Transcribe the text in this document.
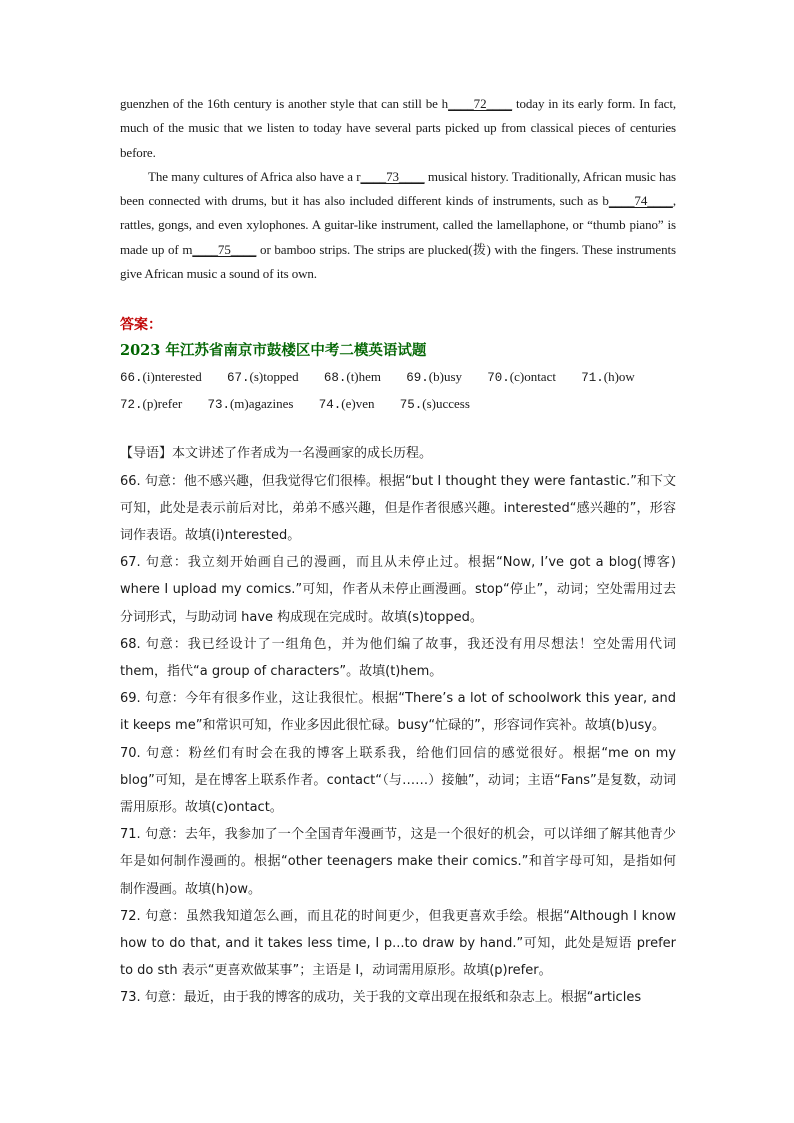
guenzhen of the 16th century is another style that can still be h____72____ today in its early form. In fact, much of the music that we listen to today have several parts picked up from classical pieces of centuries before.

The many cultures of Africa also have a r____73____ musical history. Traditionally, African music has been connected with drums, but it has also included different kinds of instruments, such as b____74____, rattles, gongs, and even xylophones. A guitar-like instrument, called the lamellaphone, or “thumb piano” is made up of m____75____ or bamboo strips. The strips are plucked(拨) with the fingers. These instruments give African music a sound of its own.

答案：
2023 年江苏省南京市鼓楼区中考二模英语试题
66.(i)nterested 67.(s)topped 68.(t)hem 69.(b)usy 70.(c)ontact 71.(h)ow
72.(p)refer 73.(m)agazines 74.(e)ven 75.(s)uccess

【导语】本文讲述了作者成为一名漫画家的成长历程。

66. 句意：他不感兴趣，但我觉得它们很棒。根据“but I thought they were fantastic.”和下文可知，此处是表示前后对比，弟弟不感兴趣，但是作者很感兴趣。interested“感兴趣的”，形容词作表语。故填(i)nterested。

67. 句意：我立刻开始画自己的漫画，而且从未停止过。根据“Now, I’ve got a blog(博客) where I upload my comics.”可知，作者从未停止画漫画。stop“停止”，动词；空处需用过去分词形式，与助动词 have 构成现在完成时。故填(s)topped。

68. 句意：我已经设计了一组角色，并为他们编了故事，我还没有用尽想法！空处需用代词 them，指代“a group of characters”。故填(t)hem。

69. 句意：今年有很多作业，这让我很忙。根据“There’s a lot of schoolwork this year, and it keeps me”和常识可知，作业多因此很忙碌。busy“忙碌的”，形容词作宾补。故填(b)usy。

70. 句意：粉丝们有时会在我的博客上联系我，给他们回信的感觉很好。根据“me on my blog”可知，是在博客上联系作者。contact“（与……）接触”，动词；主语“Fans”是复数，动词需用原形。故填(c)ontact。

71. 句意：去年，我参加了一个全国青年漫画节，这是一个很好的机会，可以详细了解其他青少年是如何制作漫画的。根据“other teenagers make their comics.”和首字母可知，是指如何制作漫画。故填(h)ow。

72. 句意：虽然我知道怎么画，而且花的时间更少，但我更喜欢手绘。根据“Although I know how to do that, and it takes less time, I p...to draw by hand.”可知，此处是短语 prefer to do sth 表示“更喜欢做某事”；主语是 I，动词需用原形。故填(p)refer。

73. 句意：最近，由于我的博客的成功，关于我的文章出现在报纸和杂志上。根据“articles
